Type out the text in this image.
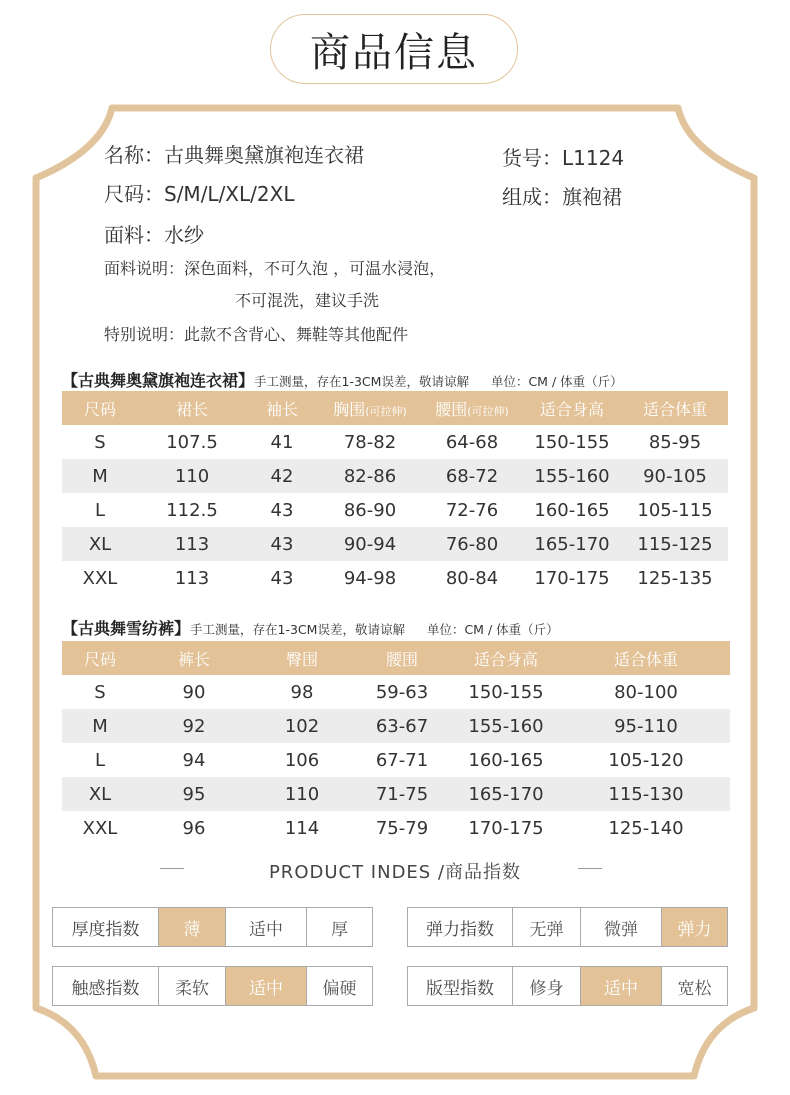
商品信息
名称：古典舞奥黛旗袍连衣裙	货号：L1124
尺码：S/M/L/XL/2XL	组成：旗袍裙
面料：水纱
面料说明：深色面料，不可久泡 ，可温水浸泡，
不可混洗，建议手洗
特别说明：此款不含背心、舞鞋等其他配件
【古典舞奥黛旗袍连衣裙】手工测量，存在1-3CM误差，敬请谅解 单位：CM / 体重（斤）
尺码	裙长	袖长	胸围(可拉伸)	腰围(可拉伸)	适合身高	适合体重
S	107.5	41	78-82	64-68	150-155	85-95
M	110	42	82-86	68-72	155-160	90-105
L	112.5	43	86-90	72-76	160-165	105-115
XL	113	43	90-94	76-80	165-170	115-125
XXL	113	43	94-98	80-84	170-175	125-135
【古典舞雪纺裤】手工测量，存在1-3CM误差，敬请谅解 单位：CM / 体重（斤）
尺码	裤长	臀围	腰围	适合身高	适合体重
S	90	98	59-63	150-155	80-100
M	92	102	63-67	155-160	95-110
L	94	106	67-71	160-165	105-120
XL	95	110	71-75	165-170	115-130
XXL	96	114	75-79	170-175	125-140
PRODUCT INDES /商品指数
厚度指数	薄	适中	厚	弹力指数	无弹	微弹	弹力
触感指数	柔软	适中	偏硬	版型指数	修身	适中	宽松
